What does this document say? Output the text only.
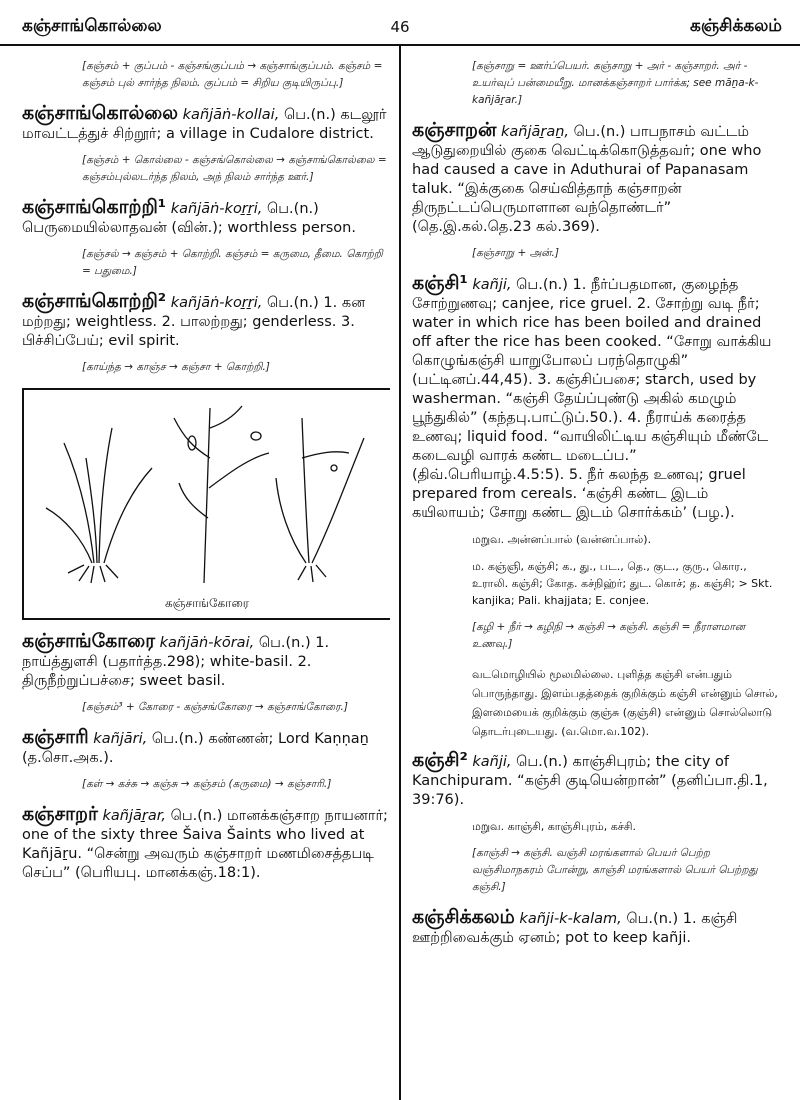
கஞ்சாங்கொல்லை	46	கஞ்சிக்கலம்
[கஞ்சம் + குப்பம் - கஞ்சங்குப்பம் → கஞ்சாங்குப்பம். கஞ்சம் = கஞ்சம் புல் சார்ந்த நிலம். குப்பம் = சிறிய குடியிருப்பு.]
கஞ்சாங்கொல்லை kañjāṅ-kollai, பெ.(n.) கடலூர் மாவட்டத்துச் சிற்றூர்; a village in Cudalore district.
[கஞ்சம் + கொல்லை - கஞ்சங்கொல்லை → கஞ்சாங்கொல்லை = கஞ்சம்புல்லடர்ந்த நிலம், அந் நிலம் சார்ந்த ஊர்.]
கஞ்சாங்கொற்றி¹ kañjāṅ-koṟṟi, பெ.(n.) பெருமையில்லாதவன் (வின்.); worthless person.
[கஞ்சல் → கஞ்சம் + கொற்றி. கஞ்சம் = கருமை, தீமை. கொற்றி = பதுமை.]
கஞ்சாங்கொற்றி² kañjāṅ-koṟṟi, பெ.(n.) 1. கன மற்றது; weightless. 2. பாலற்றது; genderless. 3. பிச்சிப்பேய்; evil spirit.
[காய்ந்த → காஞ்ச → கஞ்சா + கொற்றி.]
கஞ்சாங்கோரை
கஞ்சாங்கோரை kañjāṅ-kōrai, பெ.(n.) 1. நாய்த்துளசி (பதார்த்த.298); white-basil. 2. திருநீற்றுப்பச்சை; sweet basil.
[கஞ்சம்³ + கோரை - கஞ்சங்கோரை → கஞ்சாங்கோரை.]
கஞ்சாரி kañjāri, பெ.(n.) கண்ணன்; Lord Kaṇṇaṉ (த.சொ.அக.).
[கள் → கச்சு → கஞ்சு → கஞ்சம் (கருமை) → கஞ்சாரி.]
கஞ்சாறர் kañjāṟar, பெ.(n.) மானக்கஞ்சாற நாயனார்; one of the sixty three Šaiva Šaints who lived at Kañjāṟu. “சென்று அவரும் கஞ்சாறர் மணமிசைத்தபடி செப்ப” (பெரியபு. மானக்கஞ்.18:1).
[கஞ்சாறு = ஊர்ப்பெயர். கஞ்சாறு + அர் - கஞ்சாறர். அர் - உயர்வுப் பன்மையீறு. மானக்கஞ்சாறர் பார்க்க; see māṉa-k-kañjāṟar.]
கஞ்சாறன் kañjāṟaṉ, பெ.(n.) பாபநாசம் வட்டம் ஆடுதுறையில் குகை வெட்டிக்கொடுத்தவர்; one who had caused a cave in Aduthurai of Papanasam taluk. “இக்குகை செய்வித்தாந் கஞ்சாறன் திருநட்டப்பெருமாளான வந்தொண்டர்” (தெ.இ.கல்.தெ.23 கல்.369).
[கஞ்சாறு + அன்.]
கஞ்சி¹ kañji, பெ.(n.) 1. நீர்ப்பதமான, குழைந்த சோற்றுணவு; canjee, rice gruel. 2. சோற்று வடி நீர்; water in which rice has been boiled and drained off after the rice has been cooked. “சோறு வாக்கிய கொழுங்கஞ்சி யாறுபோலப் பரந்தொழுகி” (பட்டினப்.44,45). 3. கஞ்சிப்பசை; starch, used by washerman. “கஞ்சி தேய்ப்புண்டு அகில் கமழும் பூந்துகில்” (கந்தபு.பாட்டுப்.50.). 4. நீராய்க் கரைத்த உணவு; liquid food. “வாயிலிட்டிய கஞ்சியும் மீண்டே கடைவழி வாரக் கண்ட மடைப்ப.” (திவ்.பெரியாழ்.4.5:5). 5. நீர் கலந்த உணவு; gruel prepared from cereals. ‘கஞ்சி கண்ட இடம் கயிலாயம்; சோறு கண்ட இடம் சொர்க்கம்’ (பழ.).
மறுவ. அன்னப்பால் (வன்னப்பால்).
ம. கஞ்ஞி, கஞ்சி; க., து., பட., தெ., குட., குரு., கொர., உராலி. கஞ்சி; கோத. கச்நிஹ்ர்; துட. கொச்; த. கஞ்சி; > Skt. kanjika; Pali. khajjata; E. conjee.
[கழி + நீர் → கழிநி → கஞ்சி → கஞ்சி. கஞ்சி = நீராளமான உணவு.]
வடமொழியில் மூலமில்லை. புளித்த கஞ்சி என்பதும் பொருந்தாது. இளம்பதத்தைக் குறிக்கும் கஞ்சி என்னும் சொல், இளமையைக் குறிக்கும் குஞ்சு (குஞ்சி) என்னும் சொல்லொடு தொடர்புடையது. (வ.மொ.வ.102).
கஞ்சி² kañji, பெ.(n.) காஞ்சிபுரம்; the city of Kanchipuram. “கஞ்சி குடியென்றான்” (தனிப்பா.தி.1, 39:76).
மறுவ. காஞ்சி, காஞ்சிபுரம், கச்சி.
[காஞ்சி → கஞ்சி. வஞ்சி மரங்களால் பெயர் பெற்ற வஞ்சிமாநகரம் போன்று, காஞ்சி மரங்களால் பெயர் பெற்றது கஞ்சி.]
கஞ்சிக்கலம் kañji-k-kalam, பெ.(n.) 1. கஞ்சி ஊற்றிவைக்கும் ஏனம்; pot to keep kañji.
